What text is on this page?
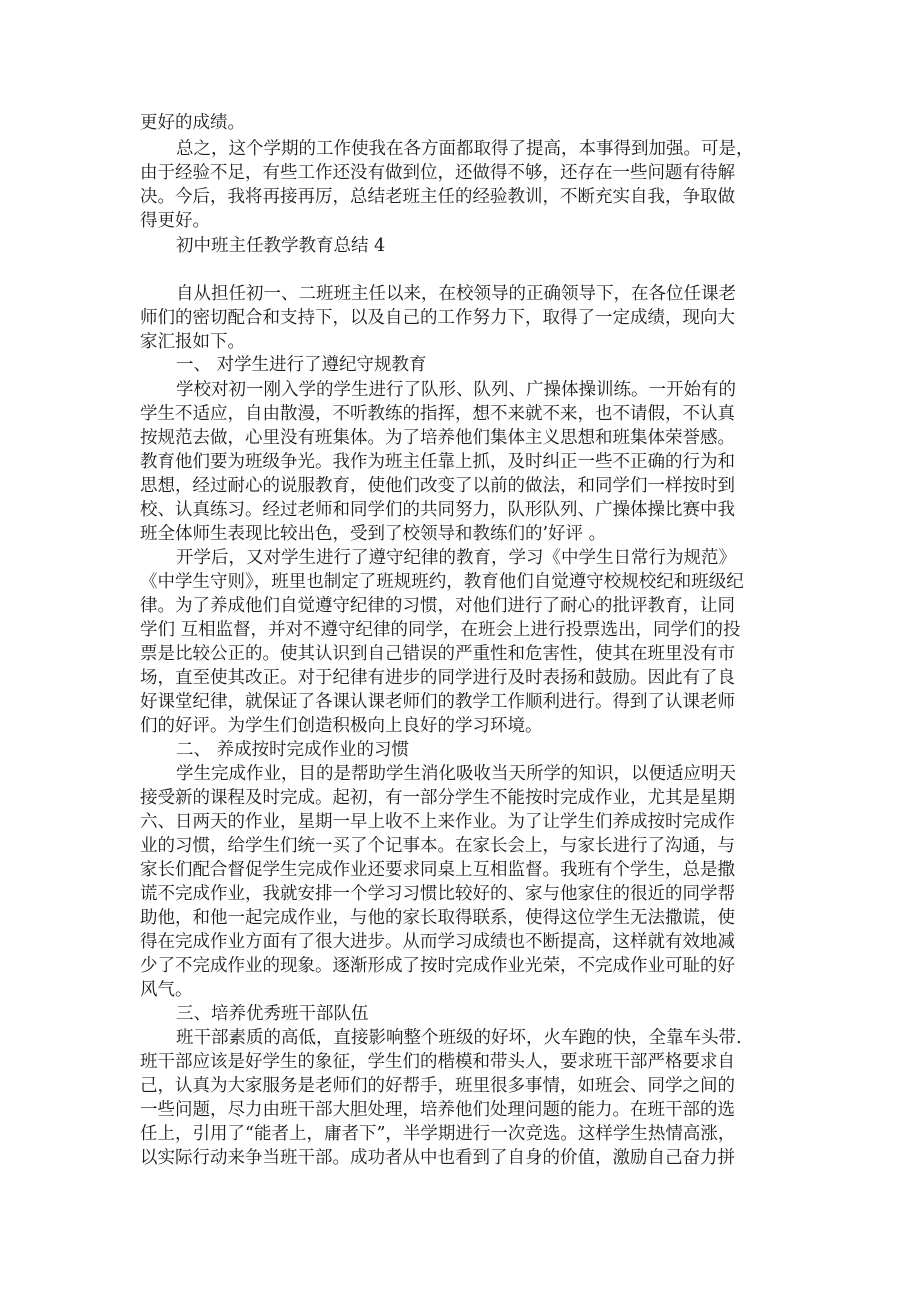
更好的成绩。

总之，这个学期的工作使我在各方面都取得了提高，本事得到加强。可是，

由于经验不足，有些工作还没有做到位，还做得不够，还存在一些问题有待解

决。今后，我将再接再厉，总结老班主任的经验教训，不断充实自我，争取做

得更好。

初中班主任教学教育总结 4

自从担任初一、二班班主任以来，在校领导的正确领导下，在各位任课老

师们的密切配合和支持下，以及自己的工作努力下，取得了一定成绩，现向大

家汇报如下。

一、 对学生进行了遵纪守规教育

学校对初一刚入学的学生进行了队形、队列、广操体操训练。一开始有的

学生不适应，自由散漫，不听教练的指挥，想不来就不来，也不请假，不认真

按规范去做，心里没有班集体。为了培养他们集体主义思想和班集体荣誉感。

教育他们要为班级争光。我作为班主任靠上抓，及时纠正一些不正确的行为和

思想，经过耐心的说服教育，使他们改变了以前的做法，和同学们一样按时到

校、认真练习。经过老师和同学们的共同努力，队形队列、广操体操比赛中我

班全体师生表现比较出色，受到了校领导和教练们的’好评 。

开学后，又对学生进行了遵守纪律的教育，学习《中学生日常行为规范》

《中学生守则》，班里也制定了班规班约，教育他们自觉遵守校规校纪和班级纪

律。为了养成他们自觉遵守纪律的习惯，对他们进行了耐心的批评教育，让同

学们 互相监督，并对不遵守纪律的同学，在班会上进行投票选出，同学们的投

票是比较公正的。使其认识到自己错误的严重性和危害性，使其在班里没有市

场，直至使其改正。对于纪律有进步的同学进行及时表扬和鼓励。因此有了良

好课堂纪律，就保证了各课认课老师们的教学工作顺利进行。得到了认课老师

们的好评。为学生们创造积极向上良好的学习环境。

二、 养成按时完成作业的习惯

学生完成作业，目的是帮助学生消化吸收当天所学的知识，以便适应明天

接受新的课程及时完成。起初，有一部分学生不能按时完成作业，尤其是星期

六、日两天的作业，星期一早上收不上来作业。为了让学生们养成按时完成作

业的习惯，给学生们统一买了个记事本。在家长会上，与家长进行了沟通，与

家长们配合督促学生完成作业还要求同桌上互相监督。我班有个学生，总是撒

谎不完成作业，我就安排一个学习习惯比较好的、家与他家住的很近的同学帮

助他，和他一起完成作业，与他的家长取得联系，使得这位学生无法撒谎，使

得在完成作业方面有了很大进步。从而学习成绩也不断提高，这样就有效地减

少了不完成作业的现象。逐渐形成了按时完成作业光荣，不完成作业可耻的好

风气。

三、培养优秀班干部队伍

班干部素质的高低，直接影响整个班级的好坏，火车跑的快，全靠车头带.

班干部应该是好学生的象征，学生们的楷模和带头人，要求班干部严格要求自

己，认真为大家服务是老师们的好帮手，班里很多事情，如班会、同学之间的

一些问题，尽力由班干部大胆处理，培养他们处理问题的能力。在班干部的选

任上，引用了“能者上，庸者下”，半学期进行一次竞选。这样学生热情高涨，

以实际行动来争当班干部。成功者从中也看到了自身的价值，激励自己奋力拼
